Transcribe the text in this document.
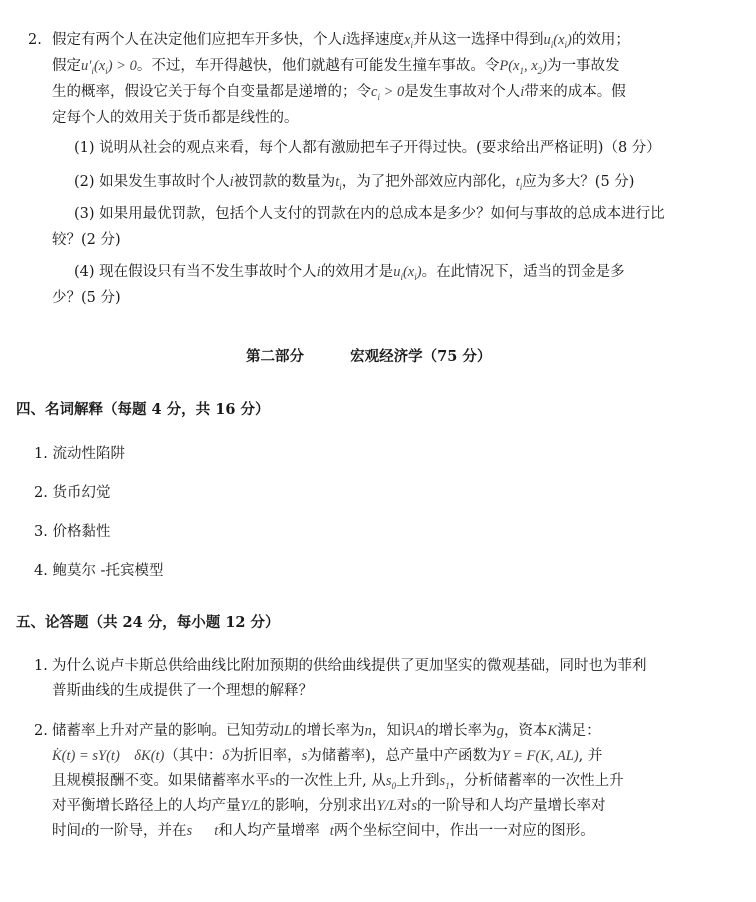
2. 假定有两个人在决定他们应把车开多快，个人i选择速度$x_i$并从这一选择中得到$u_i(x_i)$的效用；
假定$u'_i(x_i) > 0$。不过，车开得越快，他们就越有可能发生撞车事故。令$P(x_1$, $x_2$)为一事故发
生的概率，假设它关于每个自变量都是递增的；令$c_i > 0$是发生事故对个人i带来的成本。假
定每个人的效用关于货币都是线性的。
(1) 说明从社会的观点来看，每个人都有激励把车子开得过快。(要求给出严格证明)（8 分）
(2) 如果发生事故时个人i被罚款的数量为$t_i$，为了把外部效应内部化，$t_i$应为多大？(5 分)
(3) 如果用最优罚款，包括个人支付的罚款在内的总成本是多少？如何与事故的总成本进行比
较？(2 分)
(4) 现在假设只有当不发生事故时个人i的效用才是$u_i(x_i)$。在此情况下，适当的罚金是多
少？(5 分)
第二部分	宏观经济学（75 分）
四、名词解释（每题 4 分，共 16 分）
1. 流动性陷阱
2. 货币幻觉
3. 价格黏性
4. 鲍莫尔 -托宾模型
五、论答题（共 24 分，每小题 12 分）
1. 为什么说卢卡斯总供给曲线比附加预期的供给曲线提供了更加坚实的微观基础，同时也为菲利
普斯曲线的生成提供了一个理想的解释？
2. 储蓄率上升对产量的影响。已知劳动L的增长率为n，知识A的增长率为g，资本K满足：
K̇(t) = sY(t)    δK(t)（其中：δ为折旧率，s为储蓄率)，总产量中产函数为Y = F(K, AL), 并
且规模报酬不变。如果储蓄率水平s的一次性上升, 从$s_0$上升到$s_1$，分析储蓄率的一次性上升
对平衡增长路径上的人均产量Y/L的影响，分别求出Y/L对s的一阶导和人均产量增长率对
时间t的一阶导，并在s t和人均产量增率 t两个坐标空间中，作出一一对应的图形。
